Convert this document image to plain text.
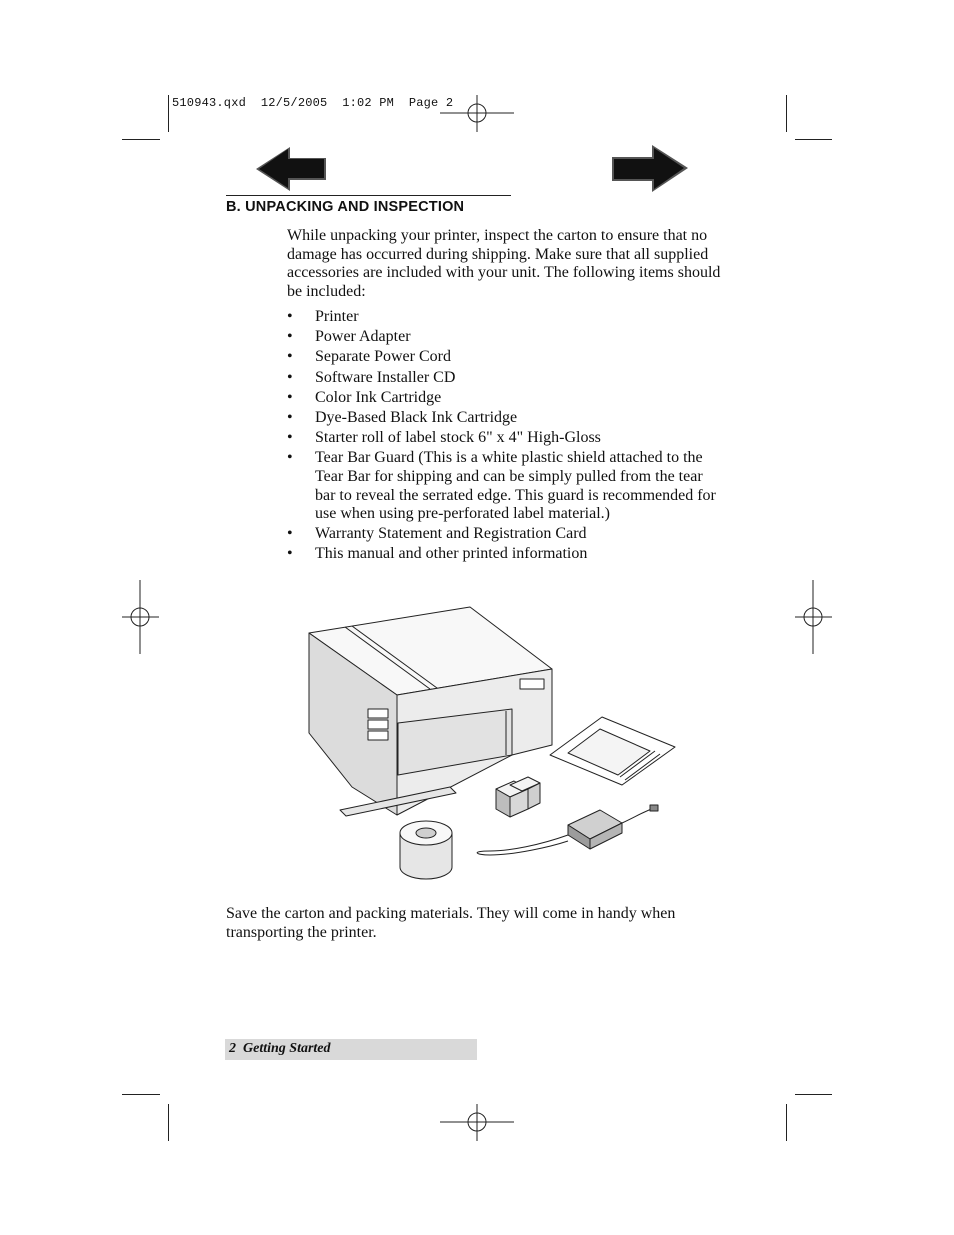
510943.qxd  12/5/2005  1:02 PM  Page 2
B. UNPACKING AND INSPECTION
While unpacking your printer, inspect the carton to ensure that no damage has occurred during shipping. Make sure that all supplied accessories are included with your unit. The following items should be included:
• Printer
• Power Adapter
• Separate Power Cord
• Software Installer CD
• Color Ink Cartridge
• Dye-Based Black Ink Cartridge
• Starter roll of label stock 6" x 4" High-Gloss
• Tear Bar Guard (This is a white plastic shield attached to the Tear Bar for shipping and can be simply pulled from the tear bar to reveal the serrated edge. This guard is recommended for use when using pre-perforated label material.)
• Warranty Statement and Registration Card
• This manual and other printed information
Save the carton and packing materials. They will come in handy when transporting the printer.
2 Getting Started
